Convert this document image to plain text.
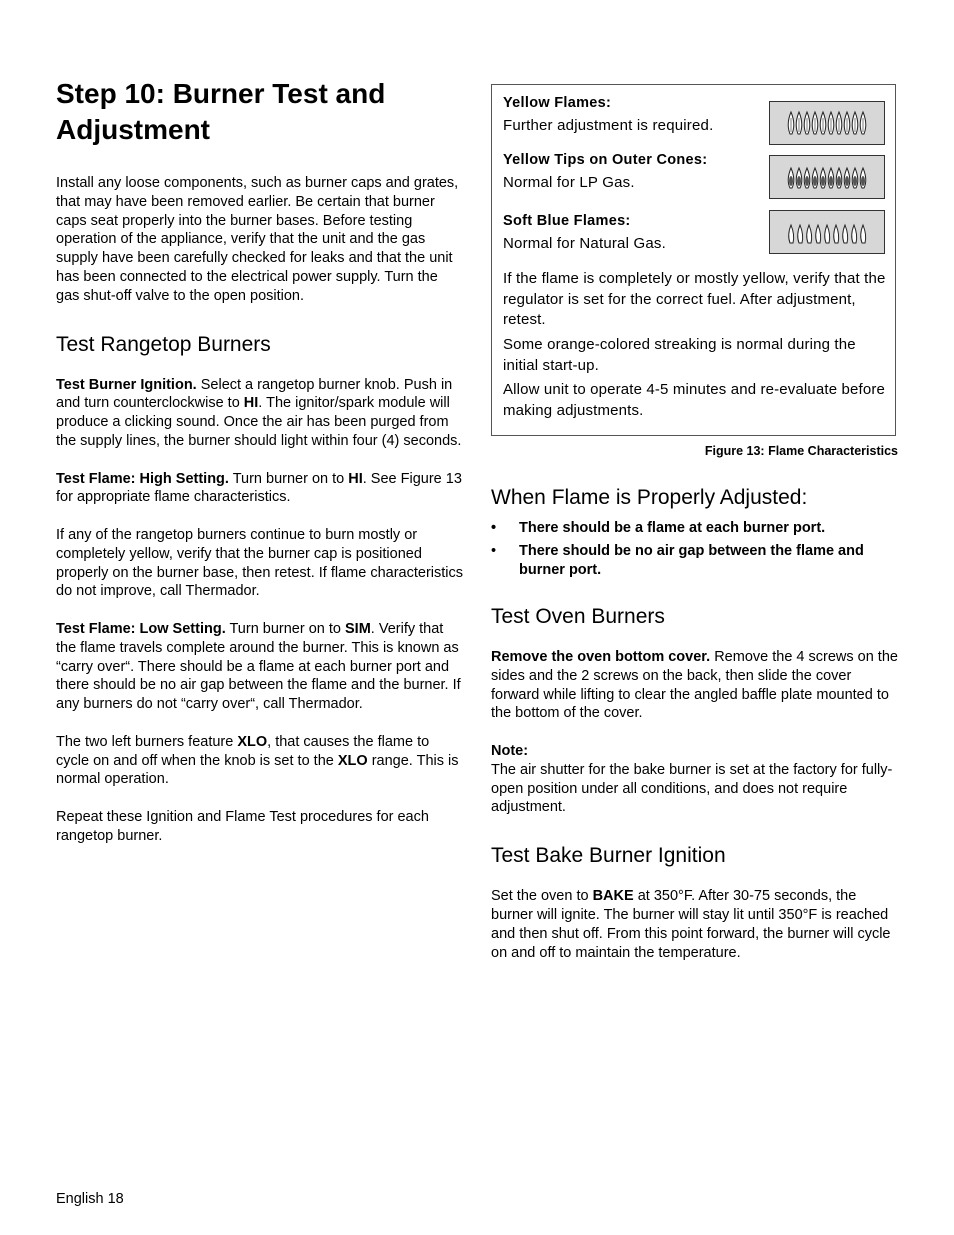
Step 10: Burner Test and Adjustment

Install any loose components, such as burner caps and grates, that may have been removed earlier. Be certain that burner caps seat properly into the burner bases. Before testing operation of the appliance, verify that the unit and the gas supply have been carefully checked for leaks and that the unit has been connected to the electrical power supply. Turn the gas shut-off valve to the open position.

Test Rangetop Burners

Test Burner Ignition. Select a rangetop burner knob. Push in and turn counterclockwise to HI. The ignitor/spark module will produce a clicking sound. Once the air has been purged from the supply lines, the burner should light within four (4) seconds.

Test Flame: High Setting. Turn burner on to HI. See Figure 13 for appropriate flame characteristics.

If any of the rangetop burners continue to burn mostly or completely yellow, verify that the burner cap is positioned properly on the burner base, then retest. If flame characteristics do not improve, call Thermador.

Test Flame: Low Setting. Turn burner on to SIM. Verify that the flame travels complete around the burner. This is known as “carry over“. There should be a flame at each burner port and there should be no air gap between the flame and the burner. If any burners do not “carry over“, call Thermador.

The two left burners feature XLO, that causes the flame to cycle on and off when the knob is set to the XLO range. This is normal operation.

Repeat these Ignition and Flame Test procedures for each rangetop burner.

Yellow Flames:
Further adjustment is required.
Yellow Tips on Outer Cones:
Normal for LP Gas.
Soft Blue Flames:
Normal for Natural Gas.
If the flame is completely or mostly yellow, verify that the regulator is set for the correct fuel. After adjustment, retest.
Some orange-colored streaking is normal during the initial start-up.
Allow unit to operate 4-5 minutes and re-evaluate before making adjustments.
Figure 13: Flame Characteristics
When Flame is Properly Adjusted:
• There should be a flame at each burner port.
• There should be no air gap between the flame and burner port.
Test Oven Burners

Remove the oven bottom cover. Remove the 4 screws on the sides and the 2 screws on the back, then slide the cover forward while lifting to clear the angled baffle plate mounted to the bottom of the cover.

Note:
The air shutter for the bake burner is set at the factory for fully-open position under all conditions, and does not require adjustment.

Test Bake Burner Ignition

Set the oven to BAKE at 350°F. After 30-75 seconds, the burner will ignite. The burner will stay lit until 350°F is reached and then shut off. From this point forward, the burner will cycle on and off to maintain the temperature.

English 18
